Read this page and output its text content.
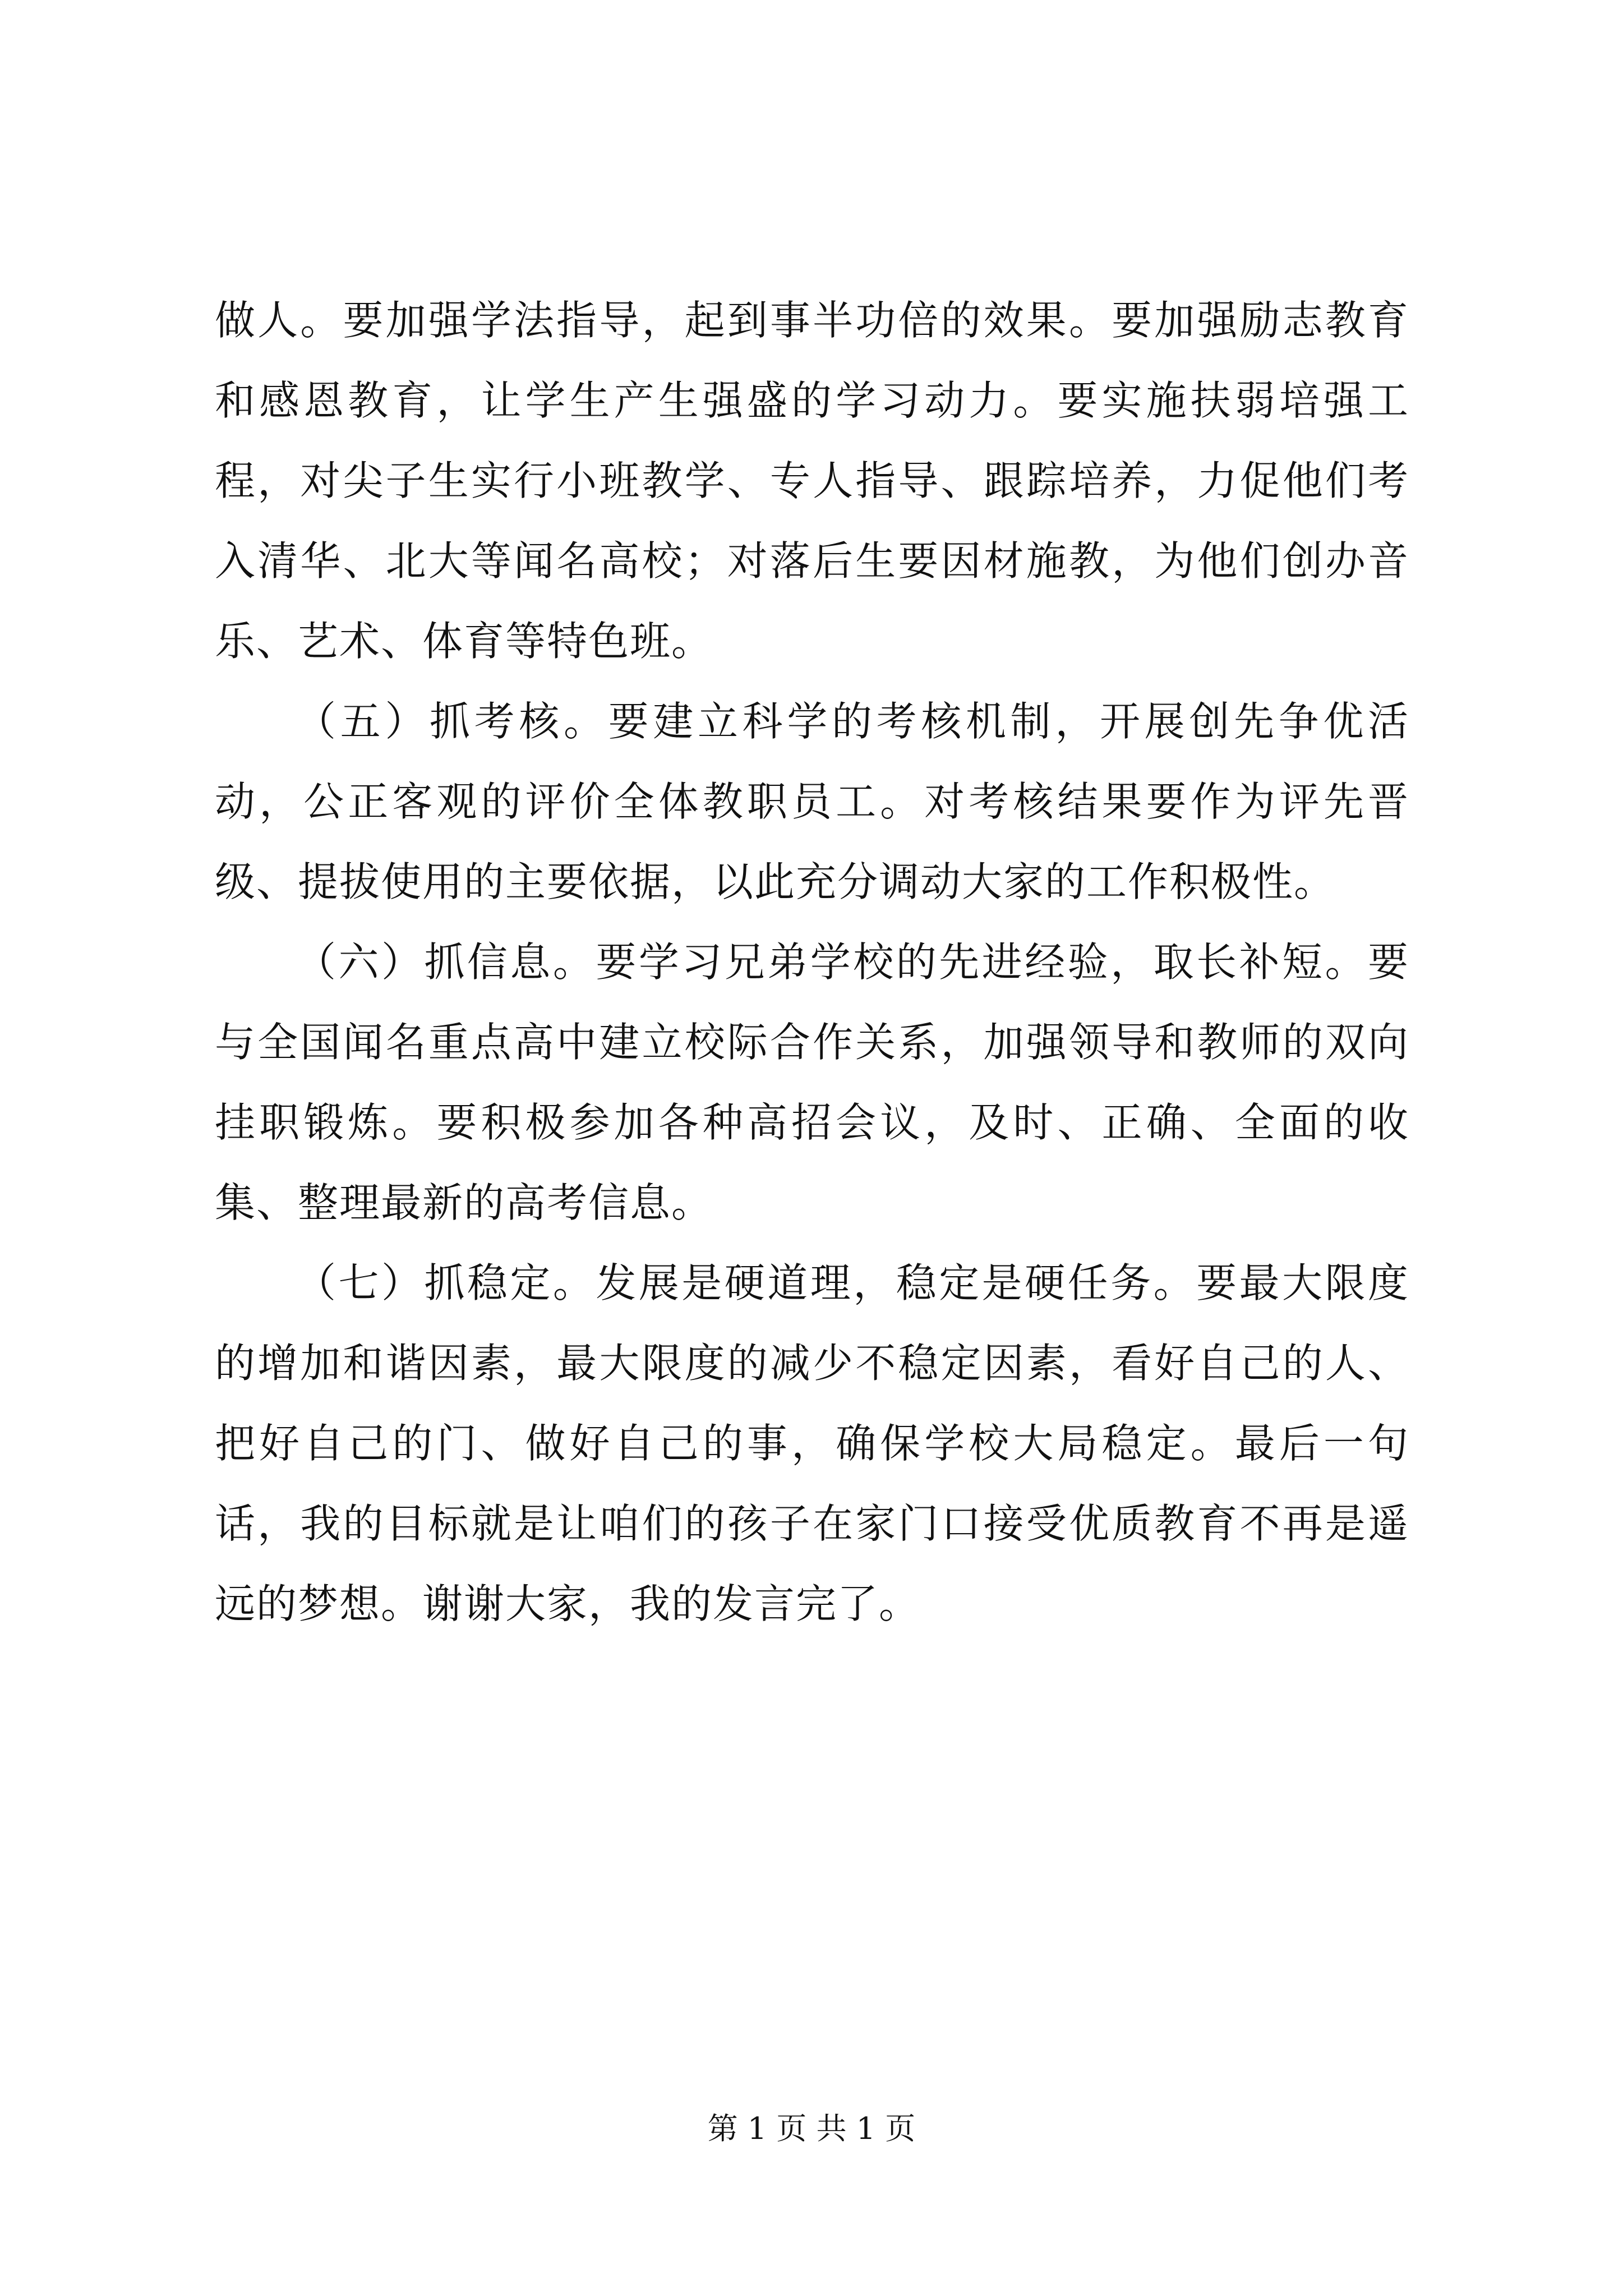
做人。要加强学法指导，起到事半功倍的效果。要加强励志教育和感恩教育，让学生产生强盛的学习动力。要实施扶弱培强工程，对尖子生实行小班教学、专人指导、跟踪培养，力促他们考入清华、北大等闻名高校；对落后生要因材施教，为他们创办音乐、艺术、体育等特色班。

（五）抓考核。要建立科学的考核机制，开展创先争优活动，公正客观的评价全体教职员工。对考核结果要作为评先晋级、提拔使用的主要依据，以此充分调动大家的工作积极性。

（六）抓信息。要学习兄弟学校的先进经验，取长补短。要与全国闻名重点高中建立校际合作关系，加强领导和教师的双向挂职锻炼。要积极参加各种高招会议，及时、正确、全面的收集、整理最新的高考信息。

（七）抓稳定。发展是硬道理，稳定是硬任务。要最大限度的增加和谐因素，最大限度的减少不稳定因素，看好自己的人、把好自己的门、做好自己的事，确保学校大局稳定。最后一句话，我的目标就是让咱们的孩子在家门口接受优质教育不再是遥远的梦想。谢谢大家，我的发言完了。

第 1 页 共 1 页
